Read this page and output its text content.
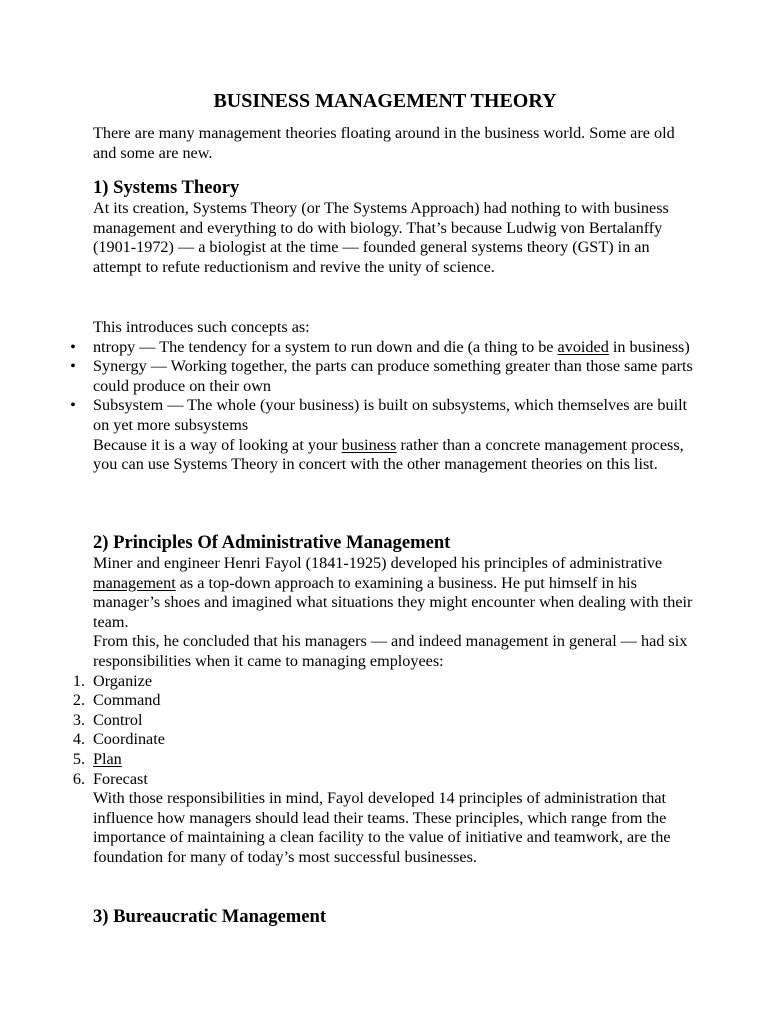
BUSINESS MANAGEMENT THEORY

There are many management theories floating around in the business world. Some are old and some are new.

1) Systems Theory

At its creation, Systems Theory (or The Systems Approach) had nothing to with business management and everything to do with biology. That’s because Ludwig von Bertalanffy (1901-1972) — a biologist at the time — founded general systems theory (GST) in an attempt to refute reductionism and revive the unity of science.

This introduces such concepts as:

• ntropy — The tendency for a system to run down and die (a thing to be avoided in business)
• Synergy — Working together, the parts can produce something greater than those same parts could produce on their own
• Subsystem — The whole (your business) is built on subsystems, which themselves are built on yet more subsystems

Because it is a way of looking at your business rather than a concrete management process, you can use Systems Theory in concert with the other management theories on this list.

2) Principles Of Administrative Management

Miner and engineer Henri Fayol (1841-1925) developed his principles of administrative management as a top-down approach to examining a business. He put himself in his manager’s shoes and imagined what situations they might encounter when dealing with their team.

From this, he concluded that his managers — and indeed management in general — had six responsibilities when it came to managing employees:

1. Organize
2. Command
3. Control
4. Coordinate
5. Plan
6. Forecast

With those responsibilities in mind, Fayol developed 14 principles of administration that influence how managers should lead their teams. These principles, which range from the importance of maintaining a clean facility to the value of initiative and teamwork, are the foundation for many of today’s most successful businesses.

3) Bureaucratic Management
